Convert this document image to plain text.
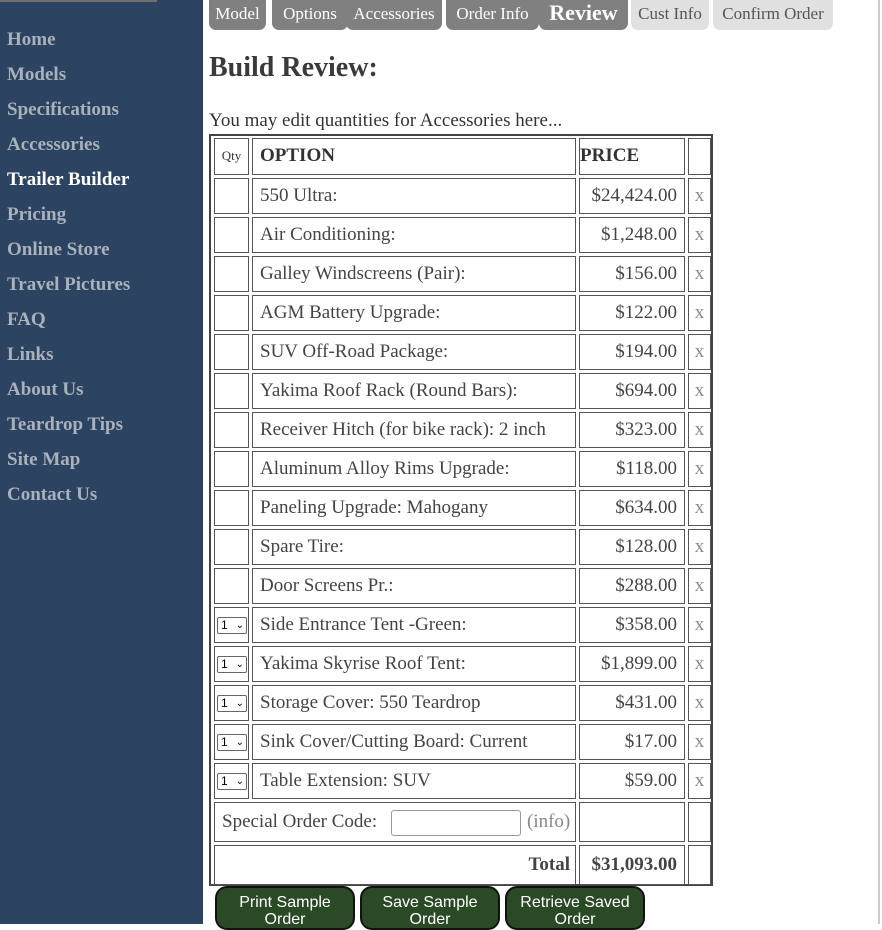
Home
Models
Specifications
Accessories
Trailer Builder
Pricing
Online Store
Travel Pictures
FAQ
Links
About Us
Teardrop Tips
Site Map
Contact Us
Model	Options Accessories	Order Info Review	Cust Info	Confirm Order
Build Review:
You may edit quantities for Accessories here...
Qty OPTION	PRICE
550 Ultra:	$24,424.00 x
Air Conditioning:	$1,248.00 x
Galley Windscreens (Pair):	$156.00 x
AGM Battery Upgrade:	$122.00 x
SUV Off-Road Package:	$194.00 x
Yakima Roof Rack (Round Bars):	$694.00 x
Receiver Hitch (for bike rack): 2 inch	$323.00 x
Aluminum Alloy Rims Upgrade:	$118.00 x
Paneling Upgrade: Mahogany	$634.00 x
Spare Tire:	$128.00 x
Door Screens Pr.:	$288.00 x
1 ⌄ Side Entrance Tent -Green:	$358.00 x
1 ⌄ Yakima Skyrise Roof Tent:	$1,899.00 x
1 ⌄ Storage Cover: 550 Teardrop	$431.00 x
1 ⌄ Sink Cover/Cutting Board: Current	$17.00 x
1 ⌄ Table Extension: SUV	$59.00 x
Special Order Code:	(info)
Total	$31,093.00
Print Sample Order
Save Sample Order
Retrieve Saved Order
